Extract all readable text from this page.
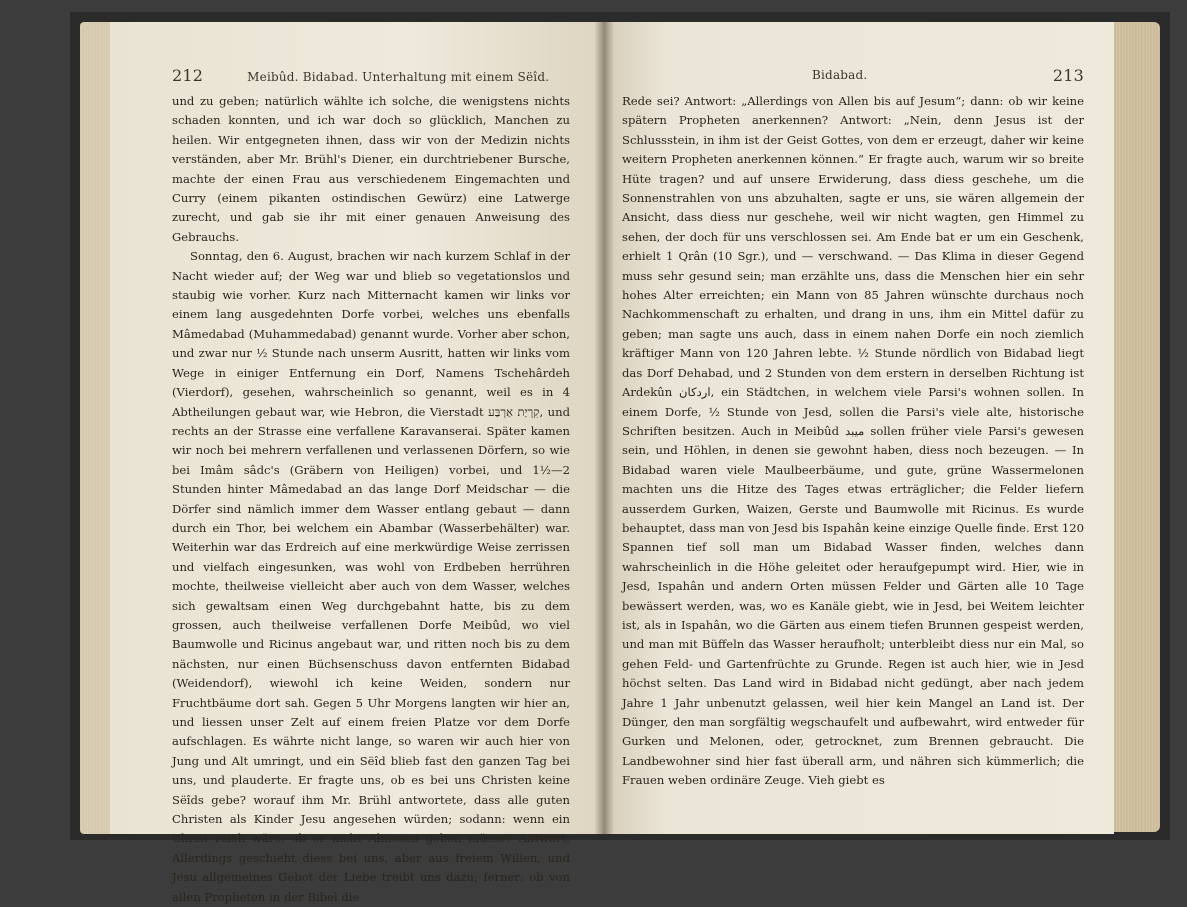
212	Meibûd. Bidabad. Unterhaltung mit einem Sëîd.	Bidabad.	213

und zu geben; natürlich wählte ich solche, die wenigstens nichts schaden konnten, und ich war doch so glücklich, Manchen zu heilen. Wir entgegneten ihnen, dass wir von der Medizin nichts verständen, aber Mr. Brühl's Diener, ein durchtriebener Bursche, machte der einen Frau aus verschiedenem Eingemachten und Curry (einem pikanten ostindischen Gewürz) eine Latwerge zurecht, und gab sie ihr mit einer genauen Anweisung des Gebrauchs.

Sonntag, den 6. August, brachen wir nach kurzem Schlaf in der Nacht wieder auf; der Weg war und blieb so vegetationslos und staubig wie vorher. Kurz nach Mitternacht kamen wir links vor einem lang ausgedehnten Dorfe vorbei, welches uns ebenfalls Mâmedabad (Muhammedabad) genannt wurde. Vorher aber schon, und zwar nur ½ Stunde nach unserm Ausritt, hatten wir links vom Wege in einiger Entfernung ein Dorf, Namens Tschehârdeh (Vierdorf), gesehen, wahrscheinlich so genannt, weil es in 4 Abtheilungen gebaut war, wie Hebron, die Vierstadt קִרְיַת אַרְבַּע, und rechts an der Strasse eine verfallene Karavanserai. Später kamen wir noch bei mehrern verfallenen und verlassenen Dörfern, so wie bei Imâm sâdc's (Gräbern von Heiligen) vorbei, und 1½—2 Stunden hinter Mâmedabad an das lange Dorf Meidschar — die Dörfer sind nämlich immer dem Wasser entlang gebaut — dann durch ein Thor, bei welchem ein Abambar (Wasserbehälter) war. Weiterhin war das Erdreich auf eine merkwürdige Weise zerrissen und vielfach eingesunken, was wohl von Erdbeben herrühren mochte, theilweise vielleicht aber auch von dem Wasser, welches sich gewaltsam einen Weg durchgebahnt hatte, bis zu dem grossen, auch theilweise verfallenen Dorfe Meibûd, wo viel Baumwolle und Ricinus angebaut war, und ritten noch bis zu dem nächsten, nur einen Büchsenschuss davon entfernten Bidabad (Weidendorf), wiewohl ich keine Weiden, sondern nur Fruchtbäume dort sah. Gegen 5 Uhr Morgens langten wir hier an, und liessen unser Zelt auf einem freien Platze vor dem Dorfe aufschlagen. Es währte nicht lange, so waren wir auch hier von Jung und Alt umringt, und ein Sëîd blieb fast den ganzen Tag bei uns, und plauderte. Er fragte uns, ob es bei uns Christen keine Sëîds gebe? worauf ihm Mr. Brühl antwortete, dass alle guten Christen als Kinder Jesu angesehen würden; sodann: wenn ein Christ reich wäre, ob er nicht Almosen geben müsse? Antwort: Allerdings geschieht diess bei uns, aber aus freiem Willen, und Jesu allgemeines Gebot der Liebe treibt uns dazu; ferner: ob von allen Propheten in der Bibel die

Rede sei? Antwort: „Allerdings von Allen bis auf Jesum“; dann: ob wir keine spätern Propheten anerkennen? Antwort: „Nein, denn Jesus ist der Schlussstein, in ihm ist der Geist Gottes, von dem er erzeugt, daher wir keine weitern Propheten anerkennen können.“ Er fragte auch, warum wir so breite Hüte tragen? und auf unsere Erwiderung, dass diess geschehe, um die Sonnenstrahlen von uns abzuhalten, sagte er uns, sie wären allgemein der Ansicht, dass diess nur geschehe, weil wir nicht wagten, gen Himmel zu sehen, der doch für uns verschlossen sei. Am Ende bat er um ein Geschenk, erhielt 1 Qrân (10 Sgr.), und — verschwand. — Das Klima in dieser Gegend muss sehr gesund sein; man erzählte uns, dass die Menschen hier ein sehr hohes Alter erreichten; ein Mann von 85 Jahren wünschte durchaus noch Nachkommenschaft zu erhalten, und drang in uns, ihm ein Mittel dafür zu geben; man sagte uns auch, dass in einem nahen Dorfe ein noch ziemlich kräftiger Mann von 120 Jahren lebte. ½ Stunde nördlich von Bidabad liegt das Dorf Dehabad, und 2 Stunden von dem erstern in derselben Richtung ist Ardekûn اردكان, ein Städtchen, in welchem viele Parsi's wohnen sollen. In einem Dorfe, ½ Stunde von Jesd, sollen die Parsi's viele alte, historische Schriften besitzen. Auch in Meibûd ميبد sollen früher viele Parsi's gewesen sein, und Höhlen, in denen sie gewohnt haben, diess noch bezeugen. — In Bidabad waren viele Maulbeerbäume, und gute, grüne Wassermelonen machten uns die Hitze des Tages etwas erträglicher; die Felder liefern ausserdem Gurken, Waizen, Gerste und Baumwolle mit Ricinus. Es wurde behauptet, dass man von Jesd bis Ispahân keine einzige Quelle finde. Erst 120 Spannen tief soll man um Bidabad Wasser finden, welches dann wahrscheinlich in die Höhe geleitet oder heraufgepumpt wird. Hier, wie in Jesd, Ispahân und andern Orten müssen Felder und Gärten alle 10 Tage bewässert werden, was, wo es Kanäle giebt, wie in Jesd, bei Weitem leichter ist, als in Ispahân, wo die Gärten aus einem tiefen Brunnen gespeist werden, und man mit Büffeln das Wasser heraufholt; unterbleibt diess nur ein Mal, so gehen Feld- und Gartenfrüchte zu Grunde. Regen ist auch hier, wie in Jesd höchst selten. Das Land wird in Bidabad nicht gedüngt, aber nach jedem Jahre 1 Jahr unbenutzt gelassen, weil hier kein Mangel an Land ist. Der Dünger, den man sorgfältig wegschaufelt und aufbewahrt, wird entweder für Gurken und Melonen, oder, getrocknet, zum Brennen gebraucht. Die Landbewohner sind hier fast überall arm, und nähren sich kümmerlich; die Frauen weben ordinäre Zeuge. Vieh giebt es
